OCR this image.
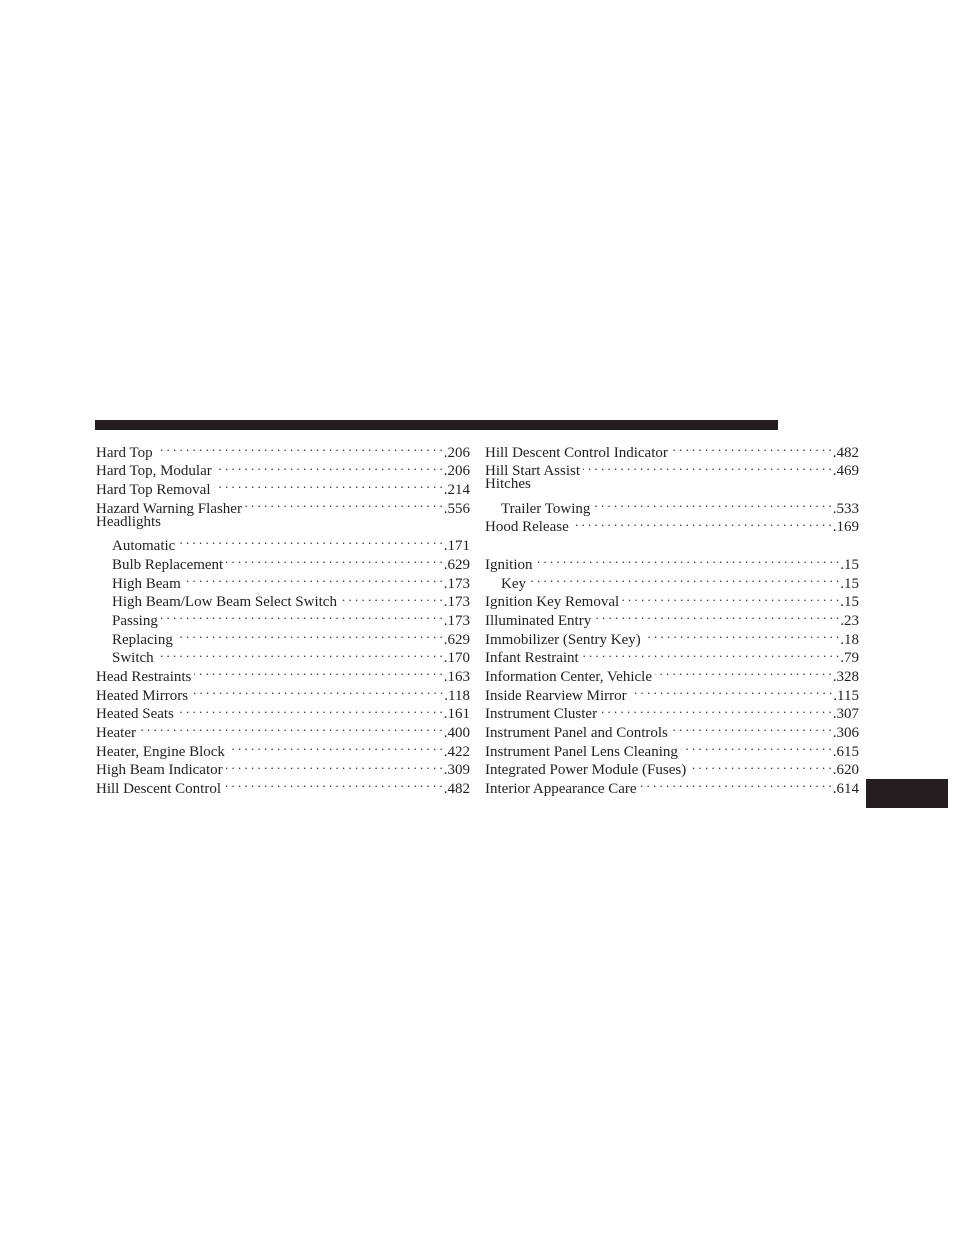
Hard Top . . .	.206
Hard Top, Modular . . .	.206
Hard Top Removal . . .	.214
Hazard Warning Flasher . . .	.556
Headlights
Automatic . . .	.171
Bulb Replacement . . .	.629
High Beam . . .	.173
High Beam/Low Beam Select Switch . . .	.173
Passing . . .	.173
Replacing . . .	.629
Switch . . .	.170
Head Restraints . . .	.163
Heated Mirrors . . .	.118
Heated Seats . . .	.161
Heater . . .	.400
Heater, Engine Block . . .	.422
High Beam Indicator . . .	.309
Hill Descent Control . . .	.482
Hill Descent Control Indicator . . .	.482
Hill Start Assist . . .	.469
Hitches
Trailer Towing . . .	.533
Hood Release . . .	.169
Ignition . . .	.15
Key . . .	.15
Ignition Key Removal . . .	.15
Illuminated Entry . . .	.23
Immobilizer (Sentry Key) . . .	.18
Infant Restraint . . .	.79
Information Center, Vehicle . . .	.328
Inside Rearview Mirror . . .	.115
Instrument Cluster . . .	.307
Instrument Panel and Controls . . .	.306
Instrument Panel Lens Cleaning . . .	.615
Integrated Power Module (Fuses) . . .	.620
Interior Appearance Care . . .	.614
